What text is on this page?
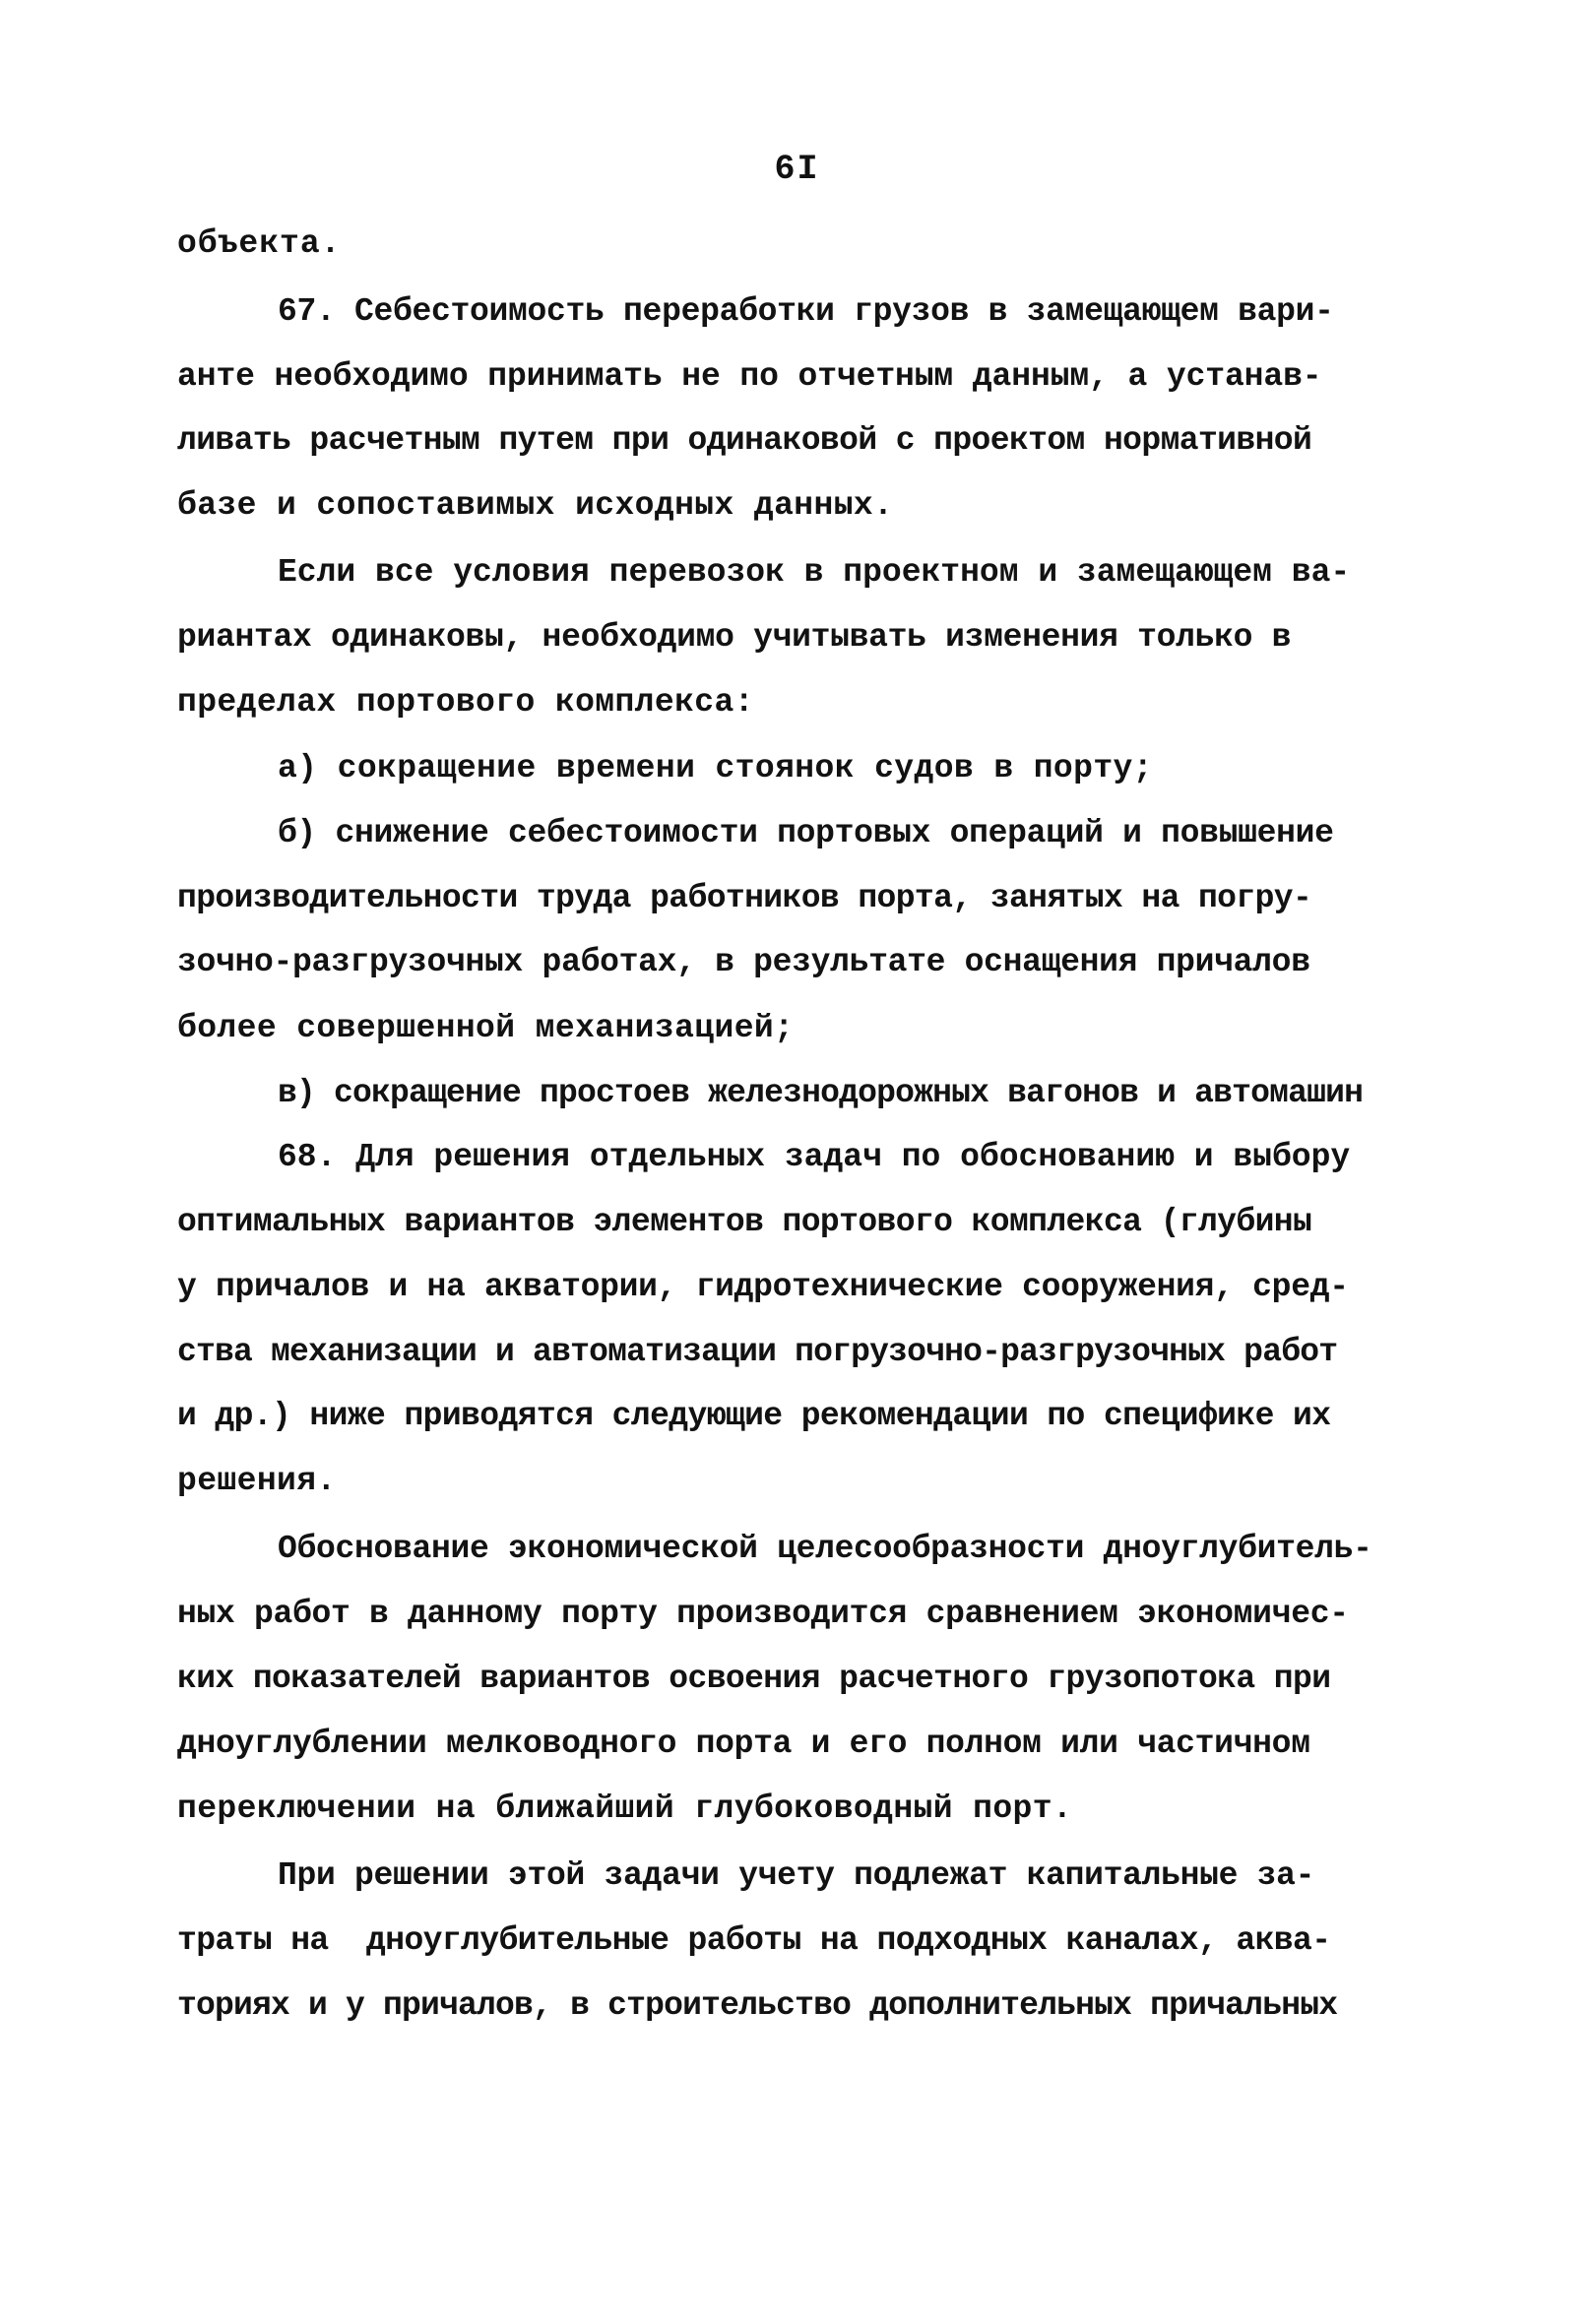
6I
объекта.
67. Себестоимость переработки грузов в замещающем вари-
анте необходимо принимать не по отчетным данным, а устанав-
ливать расчетным путем при одинаковой с проектом нормативной
базе и сопоставимых исходных данных.
Если все условия перевозок в проектном и замещающем ва-
риантах одинаковы, необходимо учитывать изменения только в
пределах портового комплекса:
а) сокращение времени стоянок судов в порту;
б) снижение себестоимости портовых операций и повышение
производительности труда работников порта, занятых на погру-
зочно-разгрузочных работах, в результате оснащения причалов
более совершенной механизацией;
в) сокращение простоев железнодорожных вагонов и автомашин
68. Для решения отдельных задач по обоснованию и выбору
оптимальных вариантов элементов портового комплекса (глубины
у причалов и на акватории, гидротехнические сооружения, сред-
ства механизации и автоматизации погрузочно-разгрузочных работ
и др.) ниже приводятся следующие рекомендации по специфике их
решения.
Обоснование экономической целесообразности дноуглубитель-
ных работ в данному порту производится сравнением экономичес-
ких показателей вариантов освоения расчетного грузопотока при
дноуглублении мелководного порта и его полном или частичном
переключении на ближайший глубоководный порт.
При решении этой задачи учету подлежат капитальные за-
траты на  дноуглубительные работы на подходных каналах, аква-
ториях и у причалов, в строительство дополнительных причальных
